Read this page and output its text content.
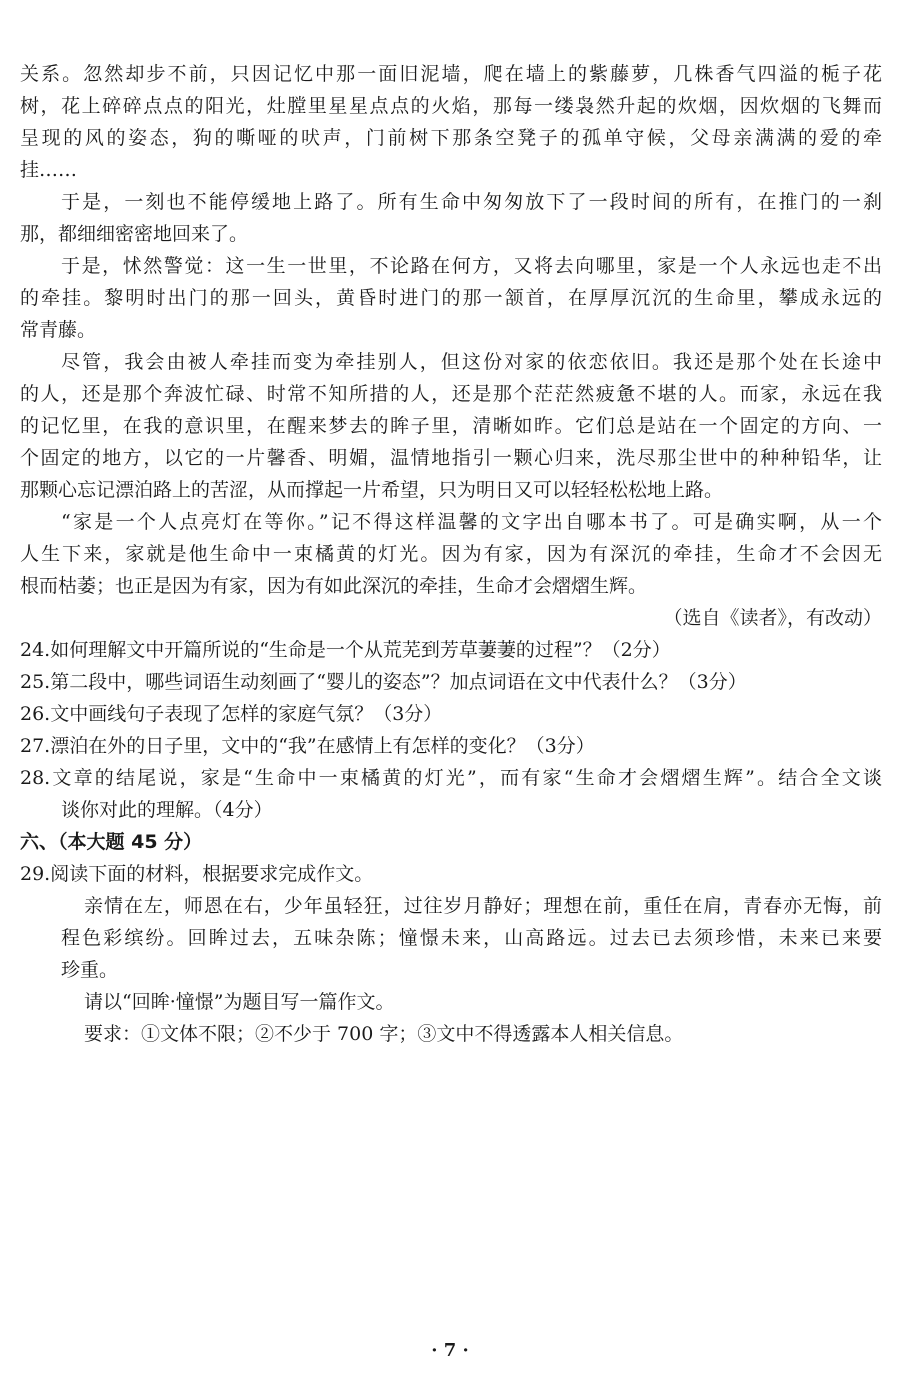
关系。忽然却步不前，只因记忆中那一面旧泥墙，爬在墙上的紫藤萝，几株香气四溢的栀子花
树，花上碎碎点点的阳光，灶膛里星星点点的火焰，那每一缕袅然升起的炊烟，因炊烟的飞舞而
呈现的风的姿态，狗的嘶哑的吠声，门前树下那条空凳子的孤单守候，父母亲满满的爱的牵
挂……
于是，一刻也不能停缓地上路了。所有生命中匆匆放下了一段时间的所有，在推门的一刹
那，都细细密密地回来了。
于是，怵然警觉：这一生一世里，不论路在何方，又将去向哪里，家是一个人永远也走不出
的牵挂。黎明时出门的那一回头，黄昏时进门的那一颔首，在厚厚沉沉的生命里，攀成永远的
常青藤。
尽管，我会由被人牵挂而变为牵挂别人，但这份对家的依恋依旧。我还是那个处在长途中
的人，还是那个奔波忙碌、时常不知所措的人，还是那个茫茫然疲惫不堪的人。而家，永远在我
的记忆里，在我的意识里，在醒来梦去的眸子里，清晰如昨。它们总是站在一个固定的方向、一
个固定的地方，以它的一片馨香、明媚，温情地指引一颗心归来，洗尽那尘世中的种种铅华，让
那颗心忘记漂泊路上的苦涩，从而撑起一片希望，只为明日又可以轻轻松松地上路。
“家是一个人点亮灯在等你。”记不得这样温馨的文字出自哪本书了。可是确实啊，从一个
人生下来，家就是他生命中一束橘黄的灯光。因为有家，因为有深沉的牵挂，生命才不会因无
根而枯萎；也正是因为有家，因为有如此深沉的牵挂，生命才会熠熠生辉。
（选自《读者》，有改动）
24.如何理解文中开篇所说的“生命是一个从荒芜到芳草萋萋的过程”？（2分）
25.第二段中，哪些词语生动刻画了“婴儿的姿态”？加点词语在文中代表什么？（3分）
26.文中画线句子表现了怎样的家庭气氛？（3分）
27.漂泊在外的日子里，文中的“我”在感情上有怎样的变化？（3分）
28.文章的结尾说，家是“生命中一束橘黄的灯光”，而有家“生命才会熠熠生辉”。结合全文谈
谈你对此的理解。（4分）
六、（本大题 45 分）
29.阅读下面的材料，根据要求完成作文。
亲情在左，师恩在右，少年虽轻狂，过往岁月静好；理想在前，重任在肩，青春亦无悔，前
程色彩缤纷。回眸过去，五味杂陈；憧憬未来，山高路远。过去已去须珍惜，未来已来要
珍重。
请以“回眸·憧憬”为题目写一篇作文。
要求：①文体不限；②不少于 700 字；③文中不得透露本人相关信息。
· 7 ·
